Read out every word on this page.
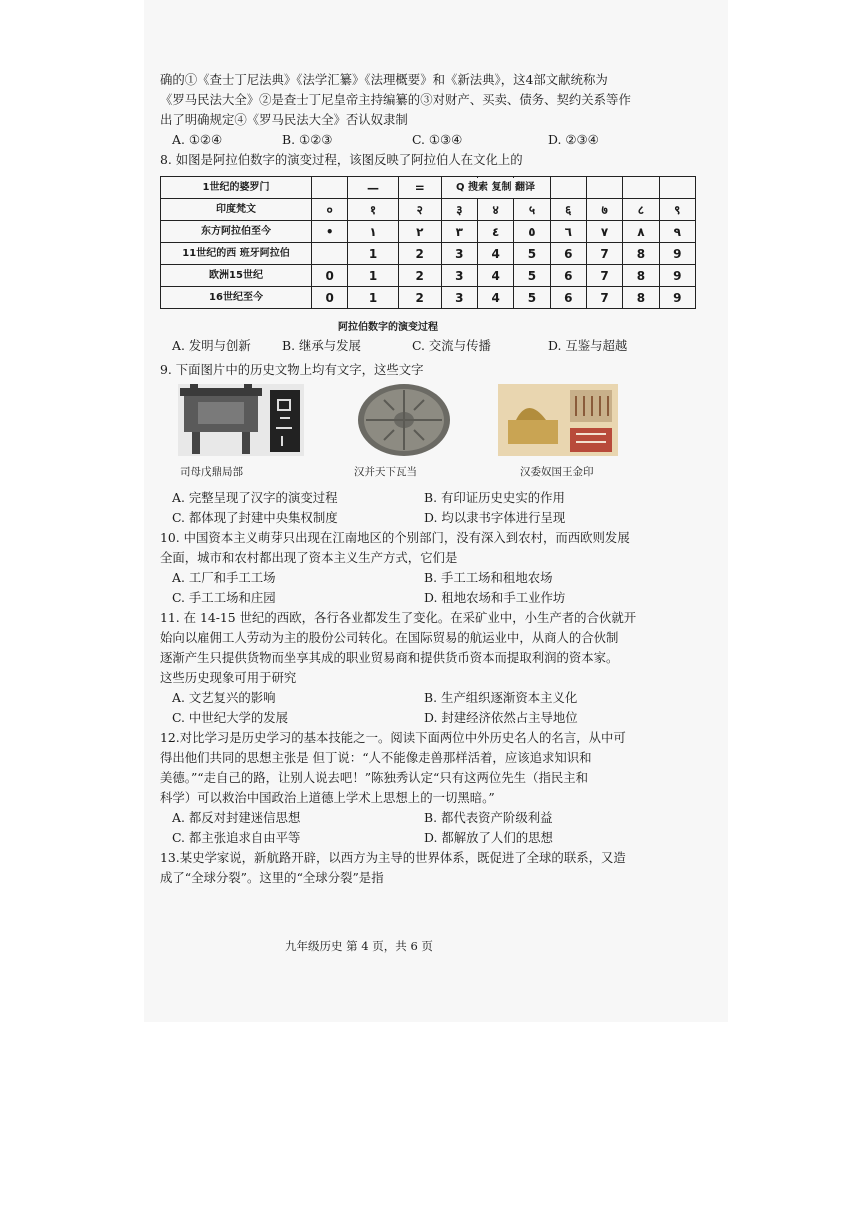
确的①《查士丁尼法典》《法学汇纂》《法理概要》和《新法典》，这4部文献统称为
《罗马民法大全》②是查士丁尼皇帝主持编纂的③对财产、买卖、债务、契约关系等作
出了明确规定④《罗马民法大全》否认奴隶制
A. ①②④	B. ①②③	C. ①③④	D. ②③④
8. 如图是阿拉伯数字的演变过程，该图反映了阿拉伯人在文化上的
1世纪的婆罗门		—	=							
印度梵文	०	१	२	३	४	५	६	७	८	९
东方阿拉伯至今	•	١	٢	٣	٤	٥	٦	٧	٨	٩
11世纪的西 班牙阿拉伯		1	2	3	4	5	6	7	8	9
欧洲15世纪	0	1	2	3	4	5	6	7	8	9
16世纪至今	0	1	2	3	4	5	6	7	8	9
Q 搜索 复制 翻译
阿拉伯数字的演变过程
A. 发明与创新	B. 继承与发展	C. 交流与传播	D. 互鉴与超越
9. 下面图片中的历史文物上均有文字，这些文字
司母戊鼎局部	汉并天下瓦当	汉委奴国王金印
A. 完整呈现了汉字的演变过程	B. 有印证历史史实的作用
C. 都体现了封建中央集权制度	D. 均以隶书字体进行呈现
10. 中国资本主义萌芽只出现在江南地区的个别部门，没有深入到农村，而西欧则发展
全面，城市和农村都出现了资本主义生产方式，它们是
A. 工厂和手工工场	B. 手工工场和租地农场
C. 手工工场和庄园	D. 租地农场和手工业作坊
11. 在 14-15 世纪的西欧，各行各业都发生了变化。在采矿业中，小生产者的合伙就开
始向以雇佣工人劳动为主的股份公司转化。在国际贸易的航运业中，从商人的合伙制
逐渐产生只提供货物而坐享其成的职业贸易商和提供货币资本而提取利润的资本家。
这些历史现象可用于研究
A. 文艺复兴的影响	B. 生产组织逐渐资本主义化
C. 中世纪大学的发展	D. 封建经济依然占主导地位
12.对比学习是历史学习的基本技能之一。阅读下面两位中外历史名人的名言，从中可
得出他们共同的思想主张是 但丁说：“人不能像走兽那样活着，应该追求知识和
美德。”“走自己的路，让别人说去吧！”陈独秀认定“只有这两位先生（指民主和
科学）可以救治中国政治上道德上学术上思想上的一切黑暗。”
A. 都反对封建迷信思想	B. 都代表资产阶级利益
C. 都主张追求自由平等	D. 都解放了人们的思想
13.某史学家说，新航路开辟，以西方为主导的世界体系，既促进了全球的联系，又造
成了“全球分裂”。这里的“全球分裂”是指
九年级历史 第 4 页，共 6 页
